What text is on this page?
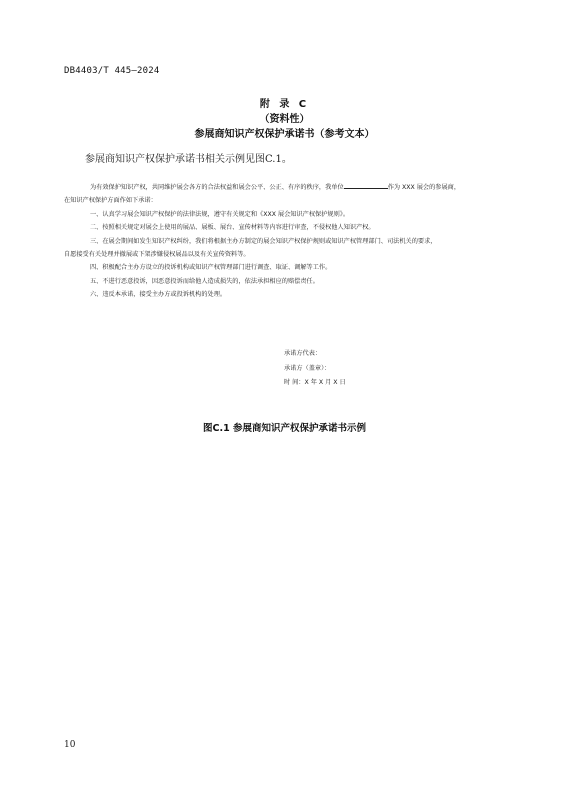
DB4403/T 445—2024
附 录 C
（资料性）
参展商知识产权保护承诺书（参考文本）
参展商知识产权保护承诺书相关示例见图C.1。

为有效保护知识产权，共同维护展会各方的合法权益和展会公平、公正、有序的秩序，我单位	作为 XXX 展会的参展商，

在知识产权保护方面作如下承诺：

一、认真学习展会知识产权保护的法律法规，遵守有关规定和《XXX 展会知识产权保护规则》。

二、按照相关规定对展会上使用的展品、展板、展台、宣传材料等内容进行审查，不侵权他人知识产权。

三、在展会期间如发生知识产权纠纷，我们将根据主办方制定的展会知识产权保护规则或知识产权管理部门、司法机关的要求，

自愿接受有关处理并撤展或下架涉嫌侵权展品以及有关宣传资料等。

四、积极配合主办方设立的投诉机构或知识产权管理部门进行调查、取证、调解等工作。

五、不进行恶意投诉，因恶意投诉而给他人造成损失的，依法承担相应的赔偿责任。

六、违反本承诺，接受主办方或投诉机构的处理。

承诺方代表：

承诺方（盖章）：

时 间：X 年 X 月 X 日

图C.1 参展商知识产权保护承诺书示例
10
